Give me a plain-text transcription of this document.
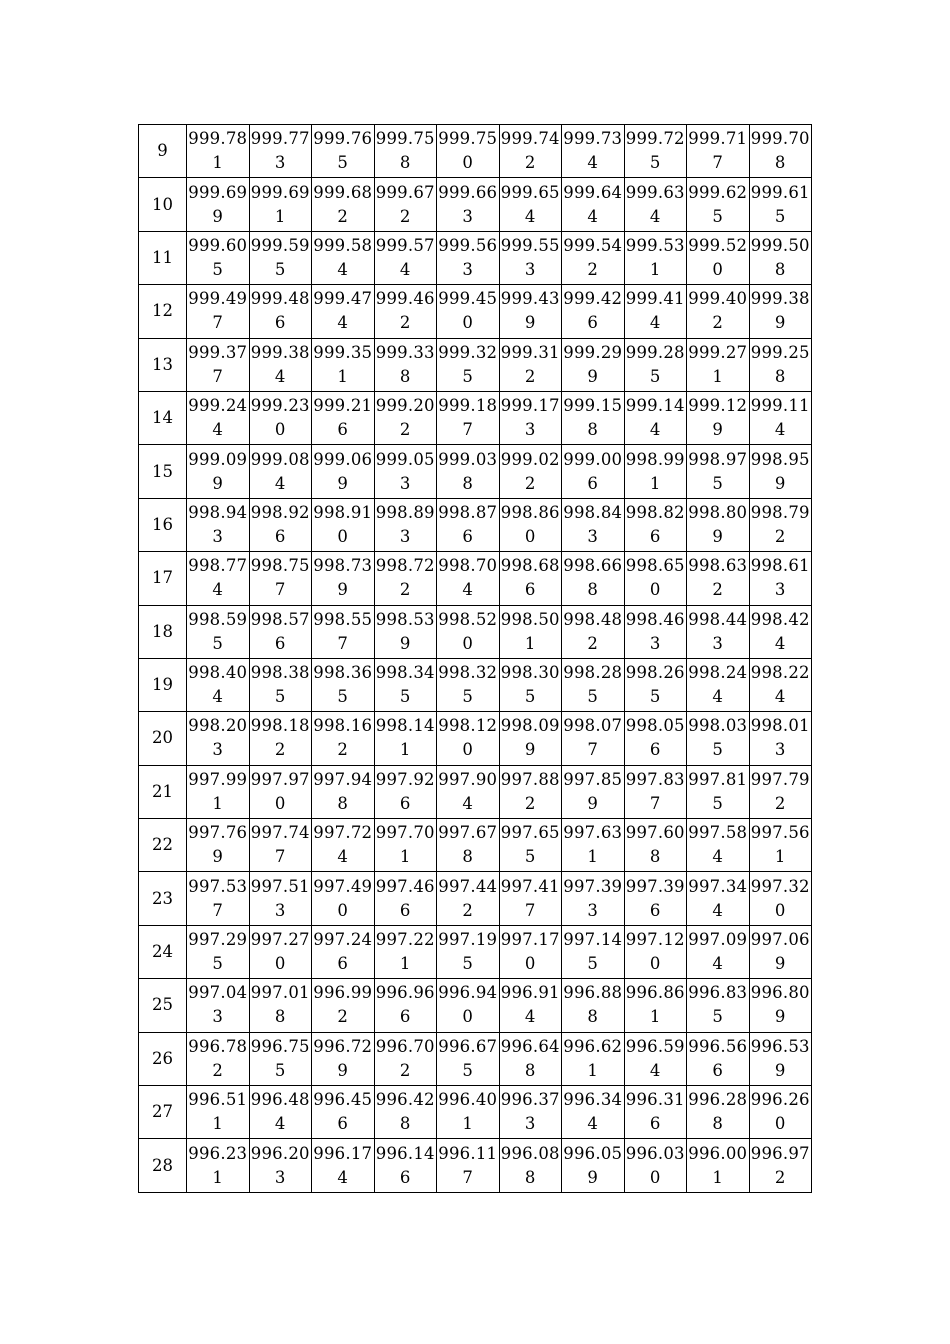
9	999.781	999.773	999.765	999.758	999.750	999.742	999.734	999.725	999.717	999.708

10	999.699	999.691	999.682	999.672	999.663	999.654	999.644	999.634	999.625	999.615

11	999.605	999.595	999.584	999.574	999.563	999.553	999.542	999.531	999.520	999.508

12	999.497	999.486	999.474	999.462	999.450	999.439	999.426	999.414	999.402	999.389

13	999.377	999.384	999.351	999.338	999.325	999.312	999.299	999.285	999.271	999.258

14	999.244	999.230	999.216	999.202	999.187	999.173	999.158	999.144	999.129	999.114

15	999.099	999.084	999.069	999.053	999.038	999.022	999.006	998.991	998.975	998.959

16	998.943	998.926	998.910	998.893	998.876	998.860	998.843	998.826	998.809	998.792

17	998.774	998.757	998.739	998.722	998.704	998.686	998.668	998.650	998.632	998.613

18	998.595	998.576	998.557	998.539	998.520	998.501	998.482	998.463	998.443	998.424

19	998.404	998.385	998.365	998.345	998.325	998.305	998.285	998.265	998.244	998.224

20	998.203	998.182	998.162	998.141	998.120	998.099	998.077	998.056	998.035	998.013

21	997.991	997.970	997.948	997.926	997.904	997.882	997.859	997.837	997.815	997.792

22	997.769	997.747	997.724	997.701	997.678	997.655	997.631	997.608	997.584	997.561

23	997.537	997.513	997.490	997.466	997.442	997.417	997.393	997.396	997.344	997.320

24	997.295	997.270	997.246	997.221	997.195	997.170	997.145	997.120	997.094	997.069

25	997.043	997.018	996.992	996.966	996.940	996.914	996.888	996.861	996.835	996.809

26	996.782	996.755	996.729	996.702	996.675	996.648	996.621	996.594	996.566	996.539

27	996.511	996.484	996.456	996.428	996.401	996.373	996.344	996.316	996.288	996.260

28	996.231	996.203	996.174	996.146	996.117	996.088	996.059	996.030	996.001	996.972
